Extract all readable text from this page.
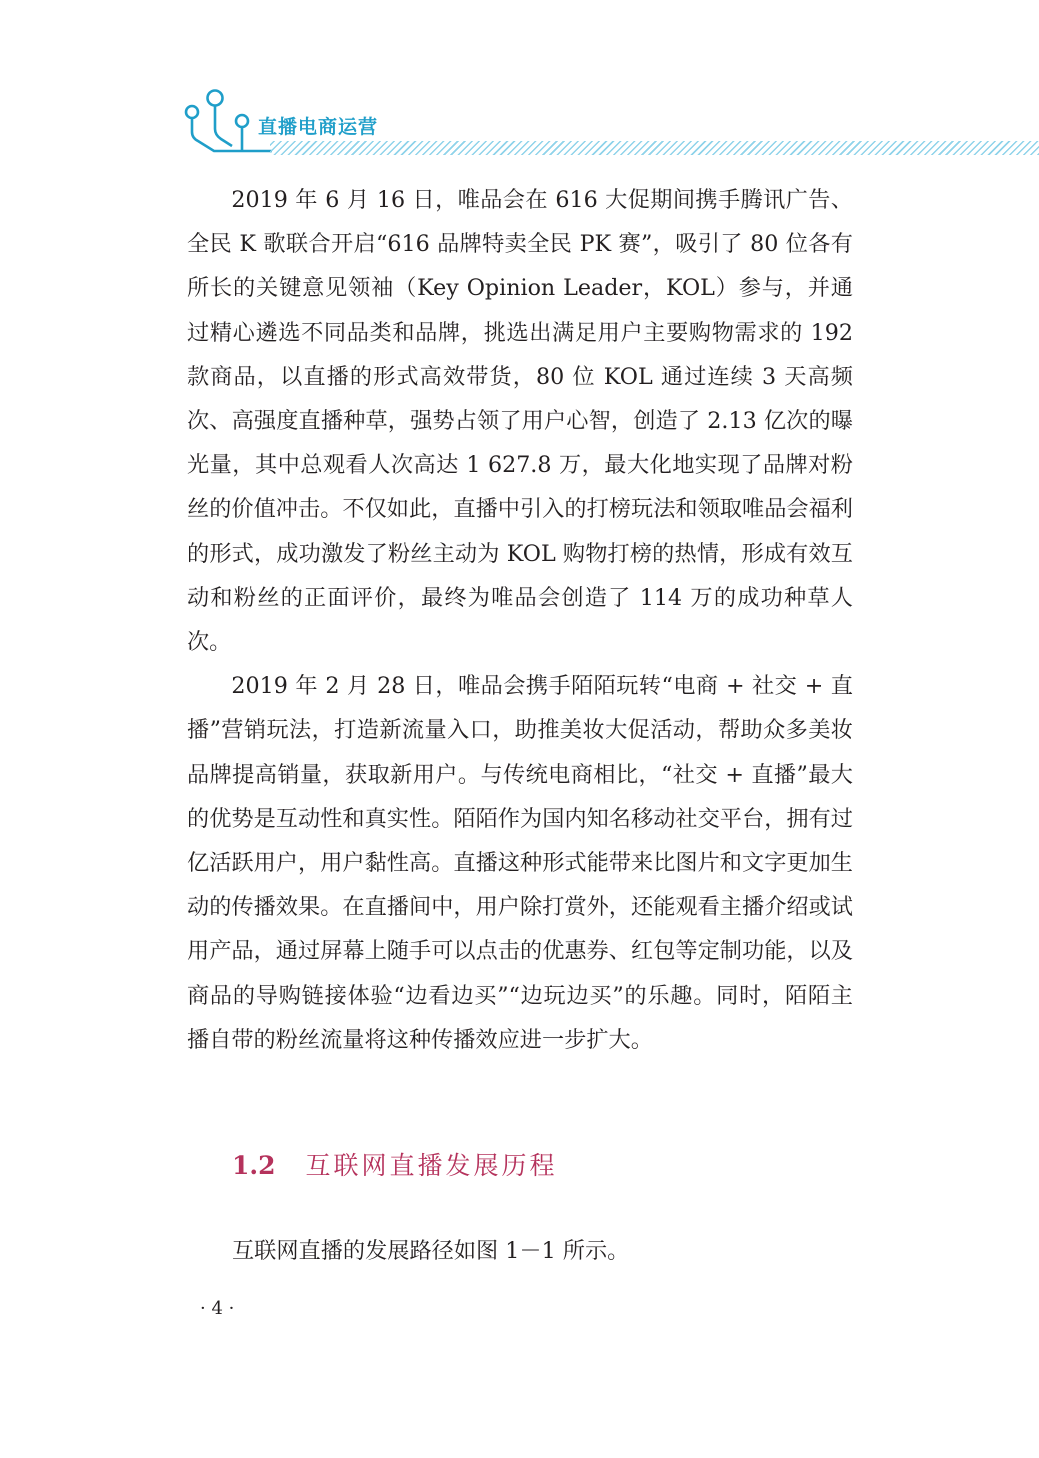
直播电商运营

2019 年 6 月 16 日，唯品会在 616 大促期间携手腾讯广告、全民 K 歌联合开启“616 品牌特卖全民 PK 赛”，吸引了 80 位各有所长的关键意见领袖（Key Opinion Leader，KOL）参与，并通过精心遴选不同品类和品牌，挑选出满足用户主要购物需求的 192 款商品，以直播的形式高效带货，80 位 KOL 通过连续 3 天高频次、高强度直播种草，强势占领了用户心智，创造了 2.13 亿次的曝光量，其中总观看人次高达 1 627.8 万，最大化地实现了品牌对粉丝的价值冲击。不仅如此，直播中引入的打榜玩法和领取唯品会福利的形式，成功激发了粉丝主动为 KOL 购物打榜的热情，形成有效互动和粉丝的正面评价，最终为唯品会创造了 114 万的成功种草人次。

2019 年 2 月 28 日，唯品会携手陌陌玩转“电商 + 社交 + 直播”营销玩法，打造新流量入口，助推美妆大促活动，帮助众多美妆品牌提高销量，获取新用户。与传统电商相比，“社交 + 直播”最大的优势是互动性和真实性。陌陌作为国内知名移动社交平台，拥有过亿活跃用户，用户黏性高。直播这种形式能带来比图片和文字更加生动的传播效果。在直播间中，用户除打赏外，还能观看主播介绍或试用产品，通过屏幕上随手可以点击的优惠券、红包等定制功能，以及商品的导购链接体验“边看边买”“边玩边买”的乐趣。同时，陌陌主播自带的粉丝流量将这种传播效应进一步扩大。

1.2 互联网直播发展历程
互联网直播的发展路径如图 1－1 所示。
· 4 ·
